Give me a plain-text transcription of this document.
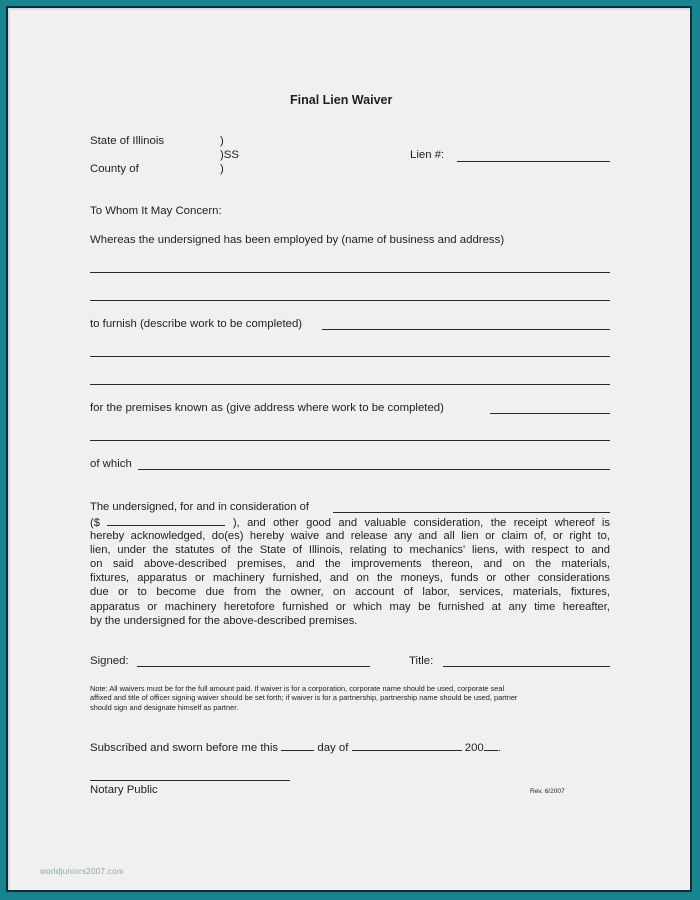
Final Lien Waiver
State of Illinois	)
)SS
County of	)
Lien #:
To Whom It May Concern:
Whereas the undersigned has been employed by (name of business and address)
to furnish (describe work to be completed)
for the premises known as (give address where work to be completed)
of which
The undersigned, for and in consideration of
($	), and other good and valuable consideration, the receipt whereof is
hereby acknowledged, do(es) hereby waive and release any and all lien or claim of, or right to,
lien, under the statutes of the State of Illinois, relating to mechanics' liens, with respect to and
on said above-described premises, and the improvements thereon, and on the materials,
fixtures, apparatus or machinery furnished, and on the moneys, funds or other considerations
due or to become due from the owner, on account of labor, services, materials, fixtures,
apparatus or machinery heretofore furnished or which may be furnished at any time hereafter,
by the undersigned for the above-described premises.
Signed:	Title:
Note: All waivers must be for the full amount paid. If waiver is for a corporation, corporate name should be used, corporate seal
affixed and title of officer signing waiver should be set forth; if waiver is for a partnership, partnership name should be used, partner
should sign and designate himself as partner.
Subscribed and sworn before me this	day of	200 .
Notary Public	Rev. 6/2007
worldjuniors2007.com
